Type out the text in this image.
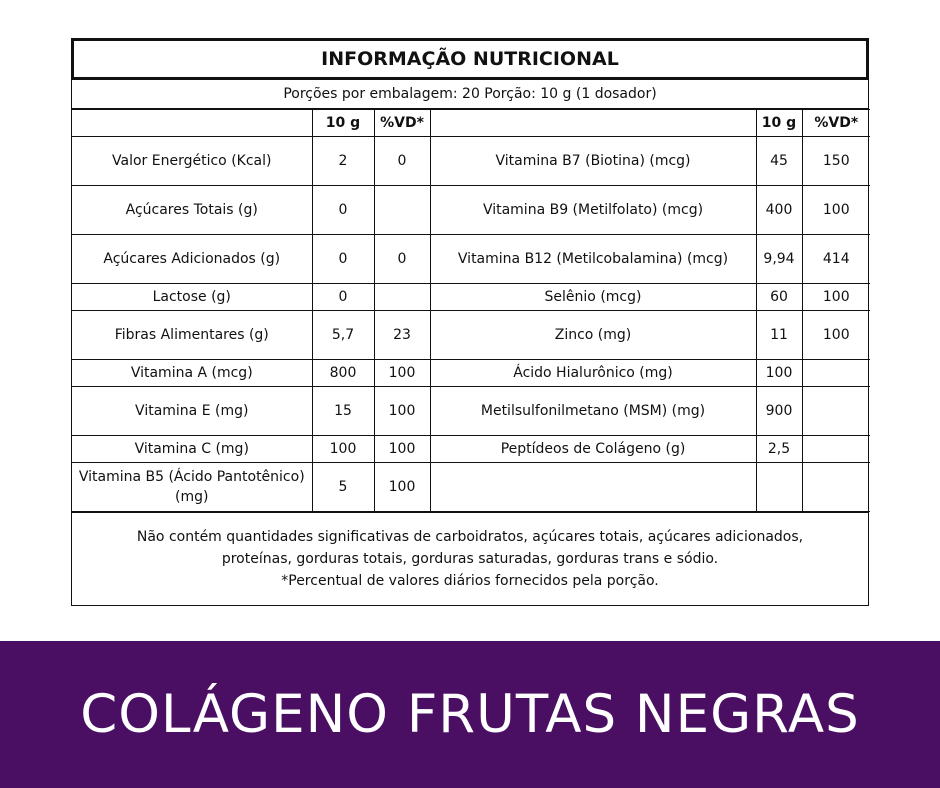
INFORMAÇÃO NUTRICIONAL
Porções por embalagem: 20 Porção: 10 g (1 dosador)
	10 g	%VD*		10 g	%VD*
Valor Energético (Kcal)	2	0	Vitamina B7 (Biotina) (mcg)	45	150
Açúcares Totais (g)	0		Vitamina B9 (Metilfolato) (mcg)	400	100
Açúcares Adicionados (g)	0	0	Vitamina B12 (Metilcobalamina) (mcg)	9,94	414
Lactose (g)	0		Selênio (mcg)	60	100
Fibras Alimentares (g)	5,7	23	Zinco (mg)	11	100
Vitamina A (mcg)	800	100	Ácido Hialurônico (mg)	100	
Vitamina E (mg)	15	100	Metilsulfonilmetano (MSM) (mg)	900	
Vitamina C (mg)	100	100	Peptídeos de Colágeno (g)	2,5	
Vitamina B5 (Ácido Pantotênico) (mg)	5	100			
Não contém quantidades significativas de carboidratos, açúcares totais, açúcares adicionados,
proteínas, gorduras totais, gorduras saturadas, gorduras trans e sódio.
*Percentual de valores diários fornecidos pela porção.
COLÁGENO FRUTAS NEGRAS
